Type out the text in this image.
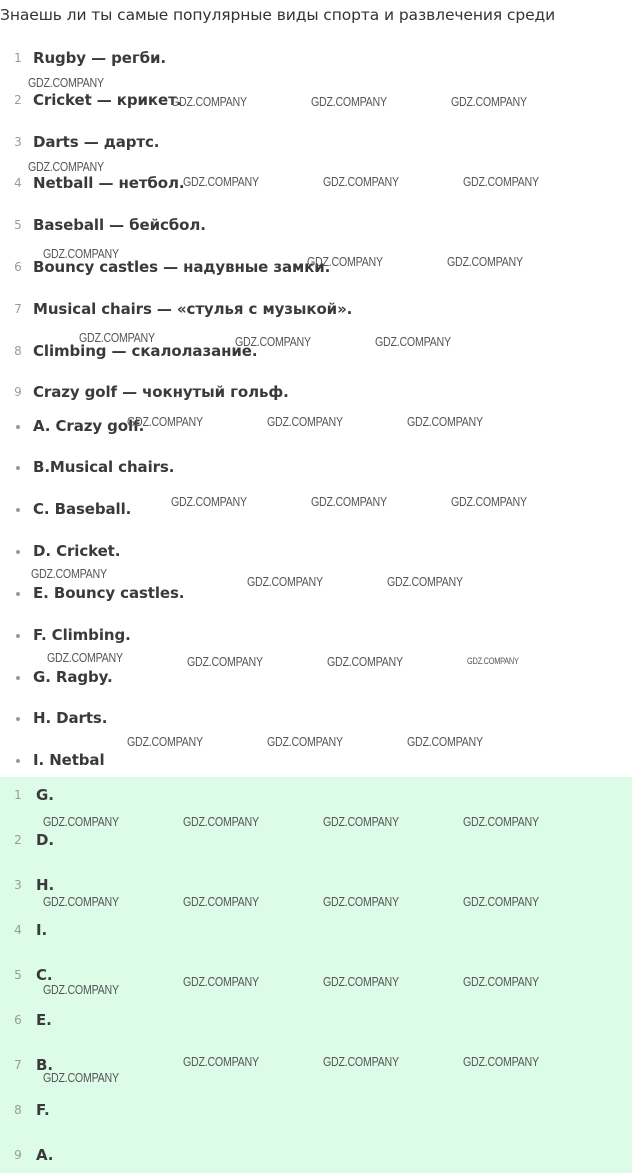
Знаешь ли ты самые популярные виды спорта и развлечения среди
1 Rugby — регби.
2 Cricket — крикет.
3 Darts — дартс.
4 Netball — нетбол.
5 Baseball — бейсбол.
6 Bouncy castles — надувные замки.
7 Musical chairs — «стулья с музыкой».
8 Climbing — скалолазание.
9 Crazy golf — чокнутый гольф.
A. Crazy golf.
B.Musical chairs.
C. Baseball.
D. Cricket.
E. Bouncy castles.
F. Climbing.
G. Ragby.
H. Darts.
I. Netbal
1 G.
2 D.
3 H.
4 I.
5 C.
6 E.
7 B.
8 F.
9 A.
GDZ.COMPANY
GDZ.COMPANY	GDZ.COMPANY	GDZ.COMPANY
GDZ.COMPANY
GDZ.COMPANY	GDZ.COMPANY	GDZ.COMPANY
GDZ.COMPANY
GDZ.COMPANY	GDZ.COMPANY
GDZ.COMPANY	GDZ.COMPANY	GDZ.COMPANY
GDZ.COMPANY	GDZ.COMPANY	GDZ.COMPANY
GDZ.COMPANY	GDZ.COMPANY	GDZ.COMPANY
GDZ.COMPANY
GDZ.COMPANY	GDZ.COMPANY
GDZ.COMPANY	GDZ.COMPANY	GDZ.COMPANY	GDZ.COMPANY
GDZ.COMPANY	GDZ.COMPANY	GDZ.COMPANY
GDZ.COMPANY	GDZ.COMPANY	GDZ.COMPANY	GDZ.COMPANY
GDZ.COMPANY	GDZ.COMPANY	GDZ.COMPANY	GDZ.COMPANY
GDZ.COMPANY
GDZ.COMPANY	GDZ.COMPANY	GDZ.COMPANY
GDZ.COMPANY	GDZ.COMPANY	GDZ.COMPANY
GDZ.COMPANY
